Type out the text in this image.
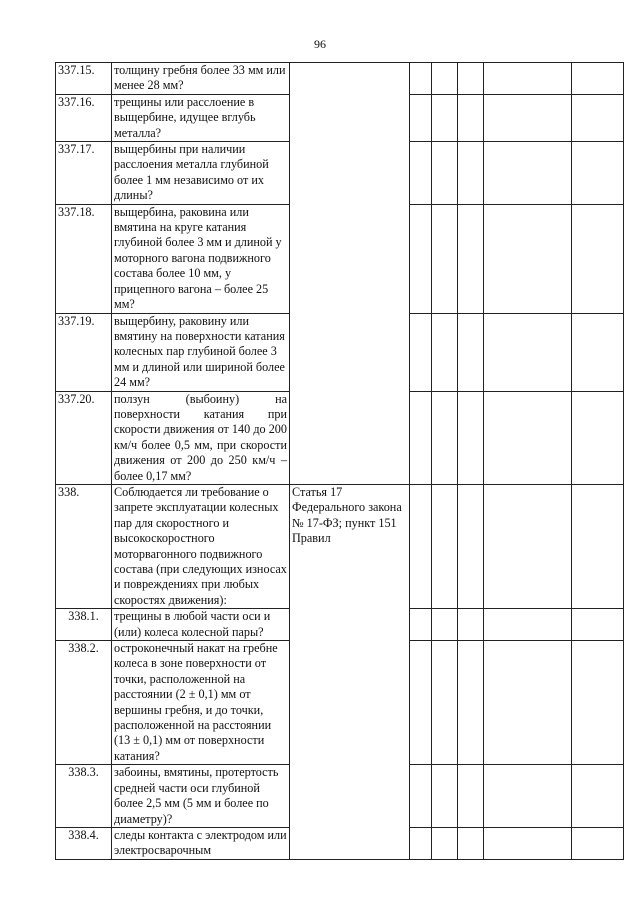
96
337.15.	толщину гребня более 33 мм или менее 28 мм?						
337.16.	трещины или расслоение в выщербине, идущее вглубь металла?						
337.17.	выщербины при наличии расслоения металла глубиной более 1 мм независимо от их длины?						
337.18.	выщербина, раковина или вмятина на круге катания глубиной более 3 мм и длиной у моторного вагона подвижного состава более 10 мм, у прицепного вагона – более 25 мм?						
337.19.	выщербину, раковину или вмятину на поверхности катания колесных пар глубиной более 3 мм и длиной или шириной более 24 мм?						
337.20.	ползун (выбоину) на поверхности катания при скорости движения от 140 до 200 км/ч более 0,5 мм, при скорости движения от 200 до 250 км/ч – более 0,17 мм?						
338.	Соблюдается ли требование о запрете эксплуатации колесных пар для скоростного и высокоскоростного моторвагонного подвижного состава (при следующих износах и повреждениях при любых скоростях движения):	Статья 17 Федерального закона № 17-ФЗ; пункт 151 Правил					
338.1.	трещины в любой части оси и (или) колеса колесной пары?						
338.2.	остроконечный накат на гребне колеса в зоне поверхности от точки, расположенной на расстоянии (2 ± 0,1) мм от вершины гребня, и до точки, расположенной на расстоянии (13 ± 0,1) мм от поверхности катания?						
338.3.	забоины, вмятины, протертость средней части оси глубиной более 2,5 мм (5 мм и более по диаметру)?						
338.4.	следы контакта с электродом или электросварочным						
